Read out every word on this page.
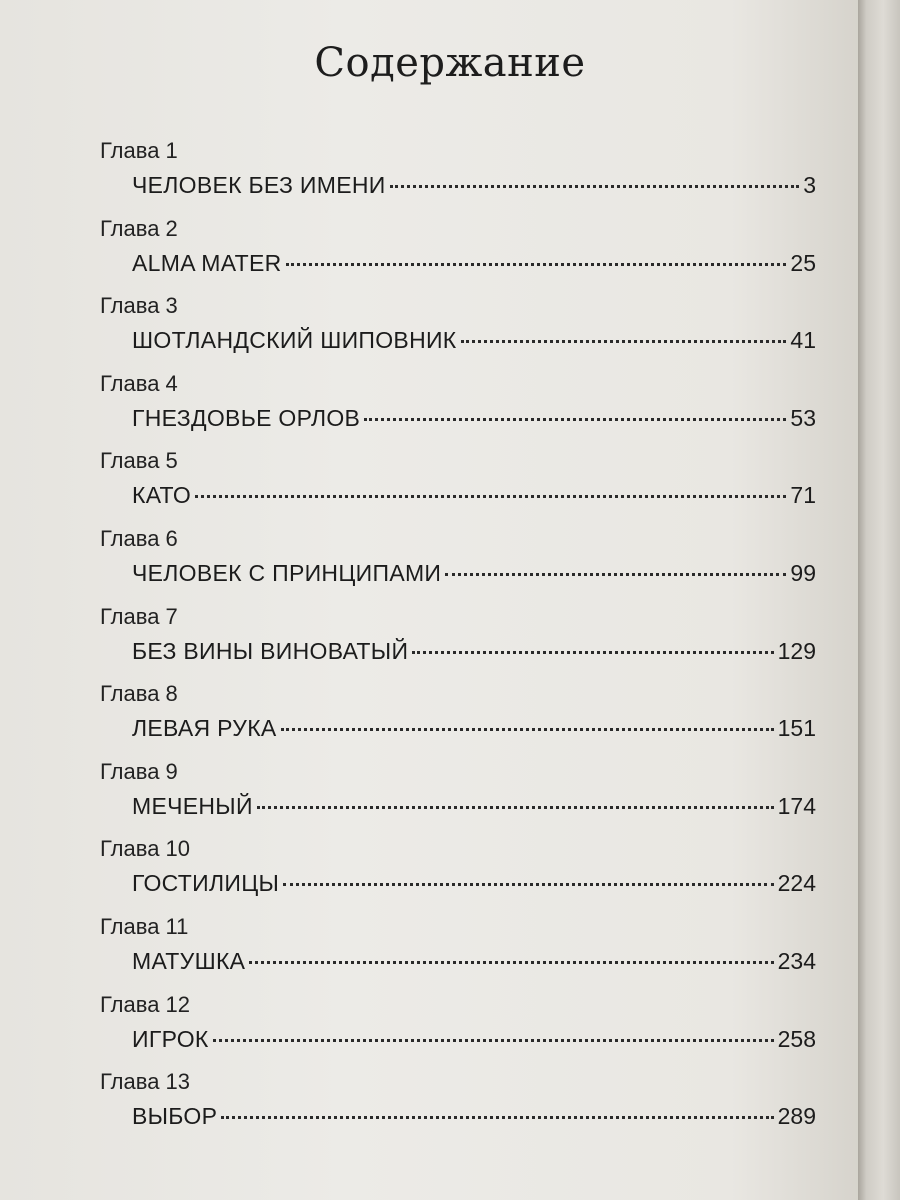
Содержание
Глава 1
ЧЕЛОВЕК БЕЗ ИМЕНИ	3
Глава 2
ALMA MATER	25
Глава 3
ШОТЛАНДСКИЙ ШИПОВНИК	41
Глава 4
ГНЕЗДОВЬЕ ОРЛОВ	53
Глава 5
КАТО	71
Глава 6
ЧЕЛОВЕК С ПРИНЦИПАМИ	99
Глава 7
БЕЗ ВИНЫ ВИНОВАТЫЙ	129
Глава 8
ЛЕВАЯ РУКА	151
Глава 9
МЕЧЕНЫЙ	174
Глава 10
ГОСТИЛИЦЫ	224
Глава 11
МАТУШКА	234
Глава 12
ИГРОК	258
Глава 13
ВЫБОР	289
